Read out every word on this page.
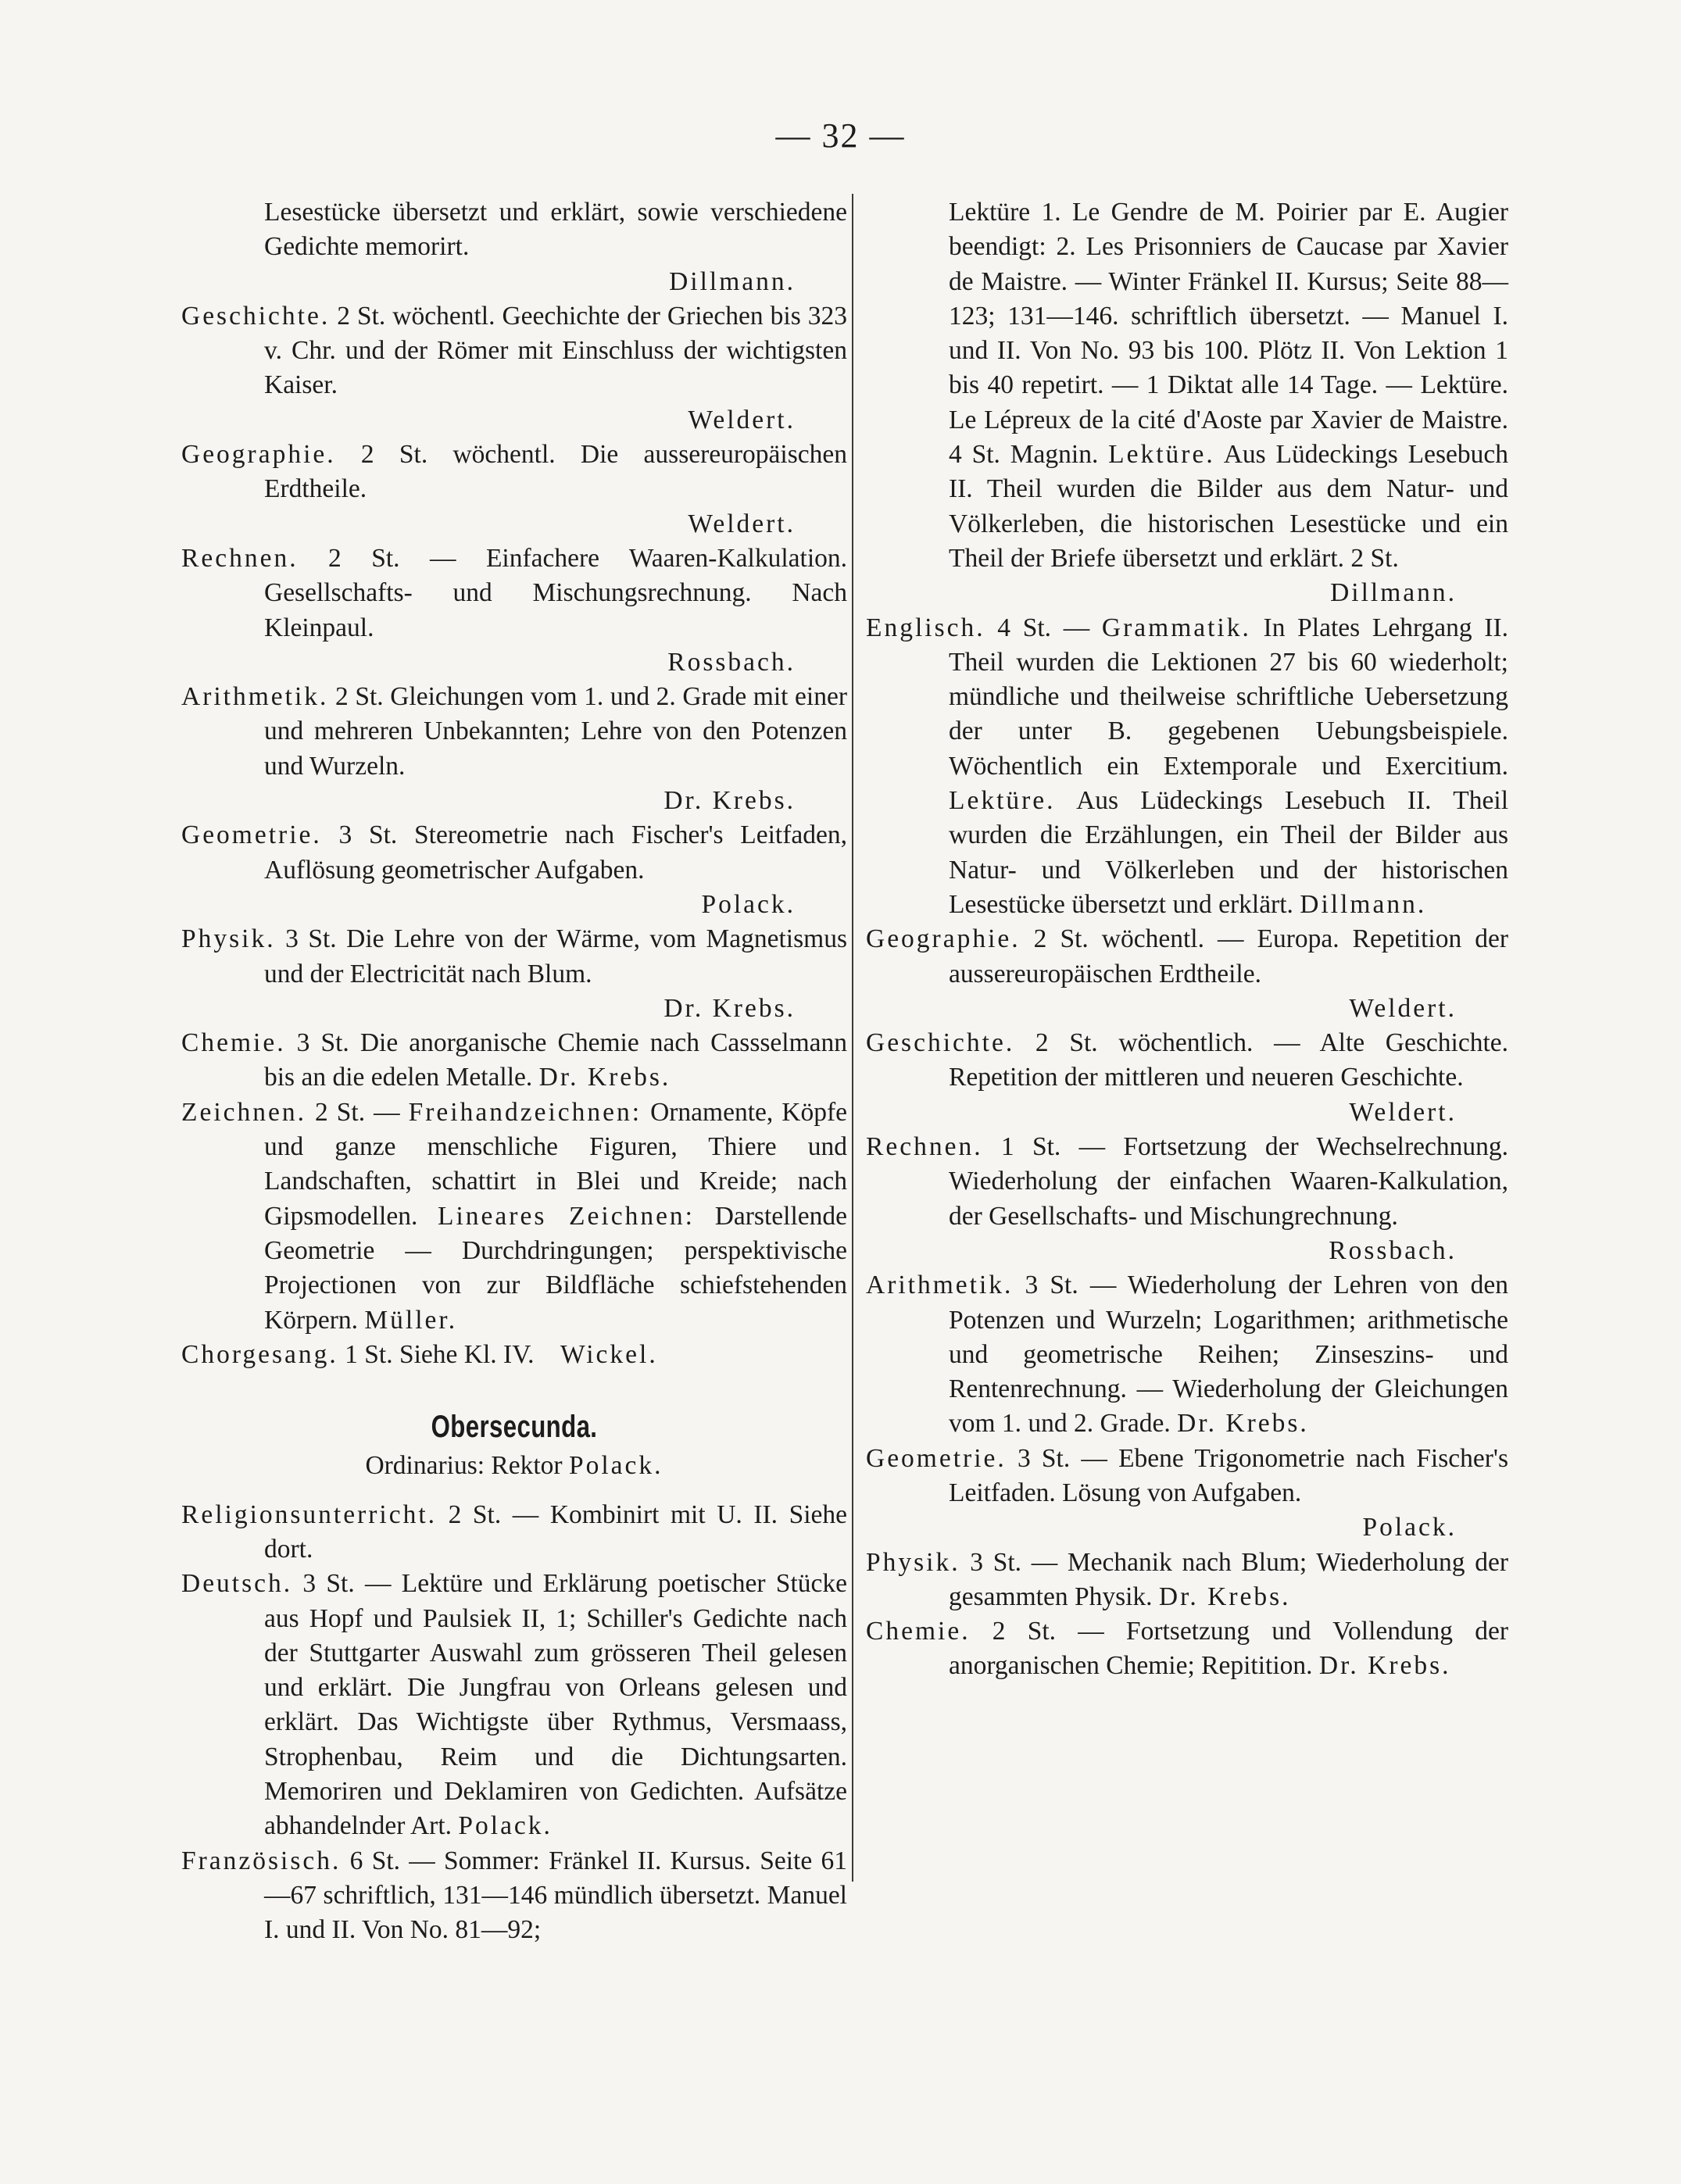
— 32 —

Lesestücke übersetzt und erklärt, sowie verschiedene Gedichte memorirt.

Dillmann.

Geschichte. 2 St. wöchentl. Geechichte der Griechen bis 323 v. Chr. und der Römer mit Einschluss der wichtigsten Kaiser.

Weldert.

Geographie. 2 St. wöchentl. Die aussereuropäischen Erdtheile.

Weldert.

Rechnen. 2 St. — Einfachere Waaren-Kalkulation. Gesellschafts- und Mischungsrechnung. Nach Kleinpaul.

Rossbach.

Arithmetik. 2 St. Gleichungen vom 1. und 2. Grade mit einer und mehreren Unbekannten; Lehre von den Potenzen und Wurzeln.

Dr. Krebs.

Geometrie. 3 St. Stereometrie nach Fischer's Leitfaden, Auflösung geometrischer Aufgaben.

Polack.

Physik. 3 St. Die Lehre von der Wärme, vom Magnetismus und der Electricität nach Blum.

Dr. Krebs.

Chemie. 3 St. Die anorganische Chemie nach Cassselmann bis an die edelen Metalle. Dr. Krebs.

Zeichnen. 2 St. — Freihandzeichnen: Ornamente, Köpfe und ganze menschliche Figuren, Thiere und Landschaften, schattirt in Blei und Kreide; nach Gipsmodellen. Lineares Zeichnen: Darstellende Geometrie — Durchdringungen; perspektivische Projectionen von zur Bildfläche schiefstehenden Körpern. Müller.

Chorgesang. 1 St. Siehe Kl. IV. Wickel.

Obersecunda.

Ordinarius: Rektor Polack.

Religionsunterricht. 2 St. — Kombinirt mit U. II. Siehe dort.

Deutsch. 3 St. — Lektüre und Erklärung poetischer Stücke aus Hopf und Paulsiek II, 1; Schiller's Gedichte nach der Stuttgarter Auswahl zum grösseren Theil gelesen und erklärt. Die Jungfrau von Orleans gelesen und erklärt. Das Wichtigste über Rythmus, Versmaass, Strophenbau, Reim und die Dichtungsarten. Memoriren und Deklamiren von Gedichten. Aufsätze abhandelnder Art. Polack.

Französisch. 6 St. — Sommer: Fränkel II. Kursus. Seite 61—67 schriftlich, 131—146 mündlich übersetzt. Manuel I. und II. Von No. 81—92;

Lektüre 1. Le Gendre de M. Poirier par E. Augier beendigt: 2. Les Prisonniers de Caucase par Xavier de Maistre. — Winter Fränkel II. Kursus; Seite 88—123; 131—146. schriftlich übersetzt. — Manuel I. und II. Von No. 93 bis 100. Plötz II. Von Lektion 1 bis 40 repetirt. — 1 Diktat alle 14 Tage. — Lektüre. Le Lépreux de la cité d'Aoste par Xavier de Maistre. 4 St. Magnin. Lektüre. Aus Lüdeckings Lesebuch II. Theil wurden die Bilder aus dem Natur- und Völkerleben, die historischen Lesestücke und ein Theil der Briefe übersetzt und erklärt. 2 St.

Dillmann.

Englisch. 4 St. — Grammatik. In Plates Lehrgang II. Theil wurden die Lektionen 27 bis 60 wiederholt; mündliche und theilweise schriftliche Uebersetzung der unter B. gegebenen Uebungsbeispiele. Wöchentlich ein Extemporale und Exercitium. Lektüre. Aus Lüdeckings Lesebuch II. Theil wurden die Erzählungen, ein Theil der Bilder aus Natur- und Völkerleben und der historischen Lesestücke übersetzt und erklärt. Dillmann.

Geographie. 2 St. wöchentl. — Europa. Repetition der aussereuropäischen Erdtheile.

Weldert.

Geschichte. 2 St. wöchentlich. — Alte Geschichte. Repetition der mittleren und neueren Geschichte.

Weldert.

Rechnen. 1 St. — Fortsetzung der Wechselrechnung. Wiederholung der einfachen Waaren-Kalkulation, der Gesellschafts- und Mischungrechnung.

Rossbach.

Arithmetik. 3 St. — Wiederholung der Lehren von den Potenzen und Wurzeln; Logarithmen; arithmetische und geometrische Reihen; Zinseszins- und Rentenrechnung. — Wiederholung der Gleichungen vom 1. und 2. Grade. Dr. Krebs.

Geometrie. 3 St. — Ebene Trigonometrie nach Fischer's Leitfaden. Lösung von Aufgaben.

Polack.

Physik. 3 St. — Mechanik nach Blum; Wiederholung der gesammten Physik. Dr. Krebs.

Chemie. 2 St. — Fortsetzung und Vollendung der anorganischen Chemie; Repitition. Dr. Krebs.
